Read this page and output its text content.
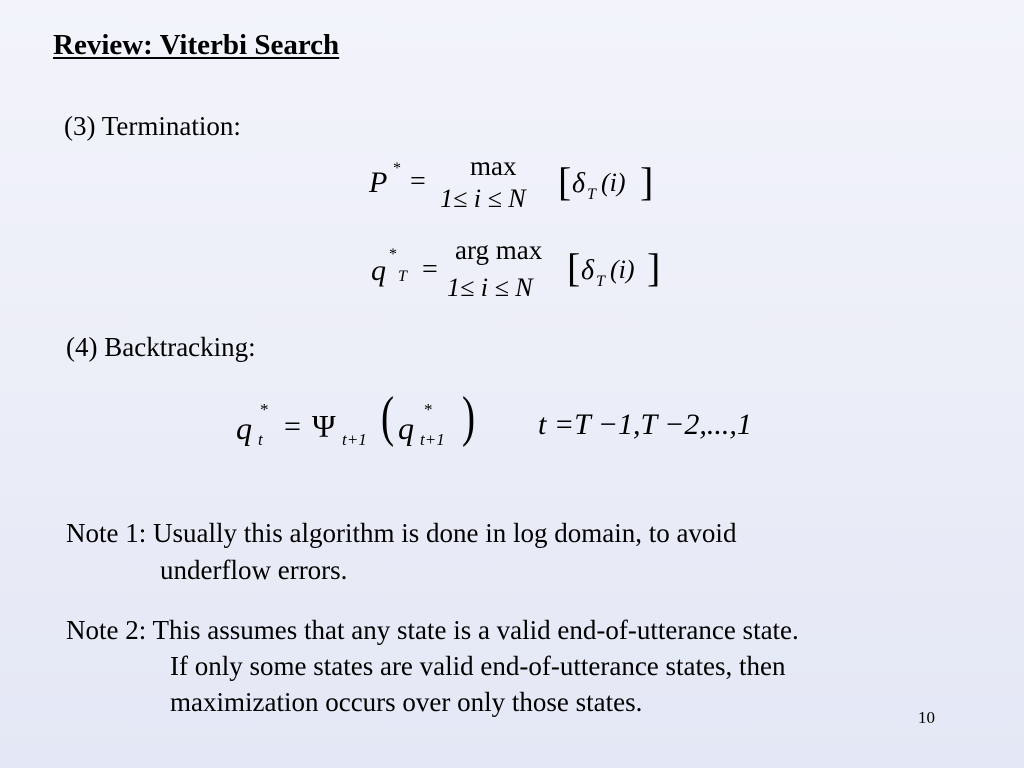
Review: Viterbi Search
(3) Termination:
P * = max
1≤ i ≤ N [ δ T (i) ]
q *
T =
arg max
1≤ i ≤ N [ δ T (i) ]
(4) Backtracking:
q
*
t = Ψ t+1 ( q
*
t+1 ) t =T −1,T −2,...,1
Note 1: Usually this algorithm is done in log domain, to avoid
underflow errors.
Note 2: This assumes that any state is a valid end-of-utterance state.
If only some states are valid end-of-utterance states, then
maximization occurs over only those states.
10
